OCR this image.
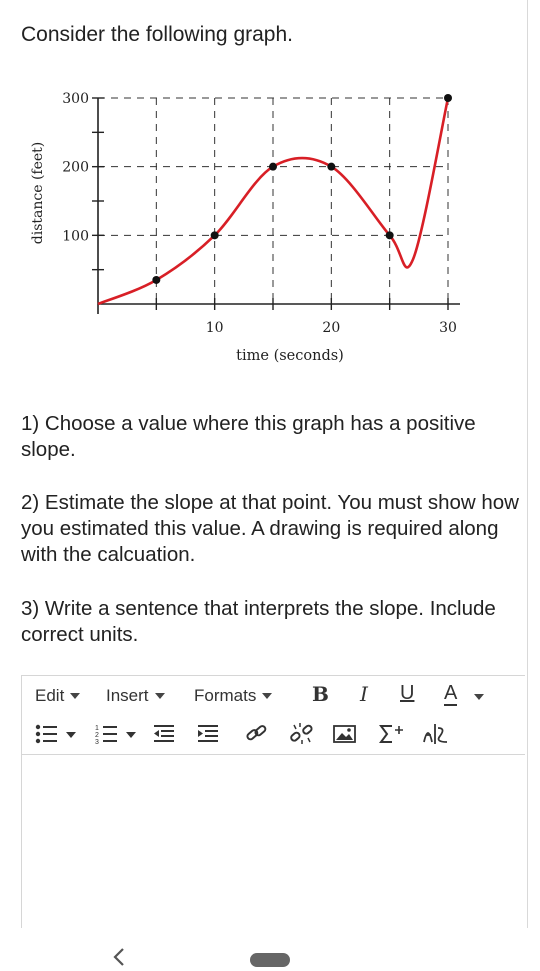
Consider the following graph.
100
200
300
10	20	30
time (seconds)
distance (feet)
1) Choose a value where this graph has a positive slope.
2) Estimate the slope at that point. You must show how you estimated this value. A drawing is required along with the calcuation.
3) Write a sentence that interprets the slope. Include correct units.
Edit Insert	Formats	B I U A
1
2
3
